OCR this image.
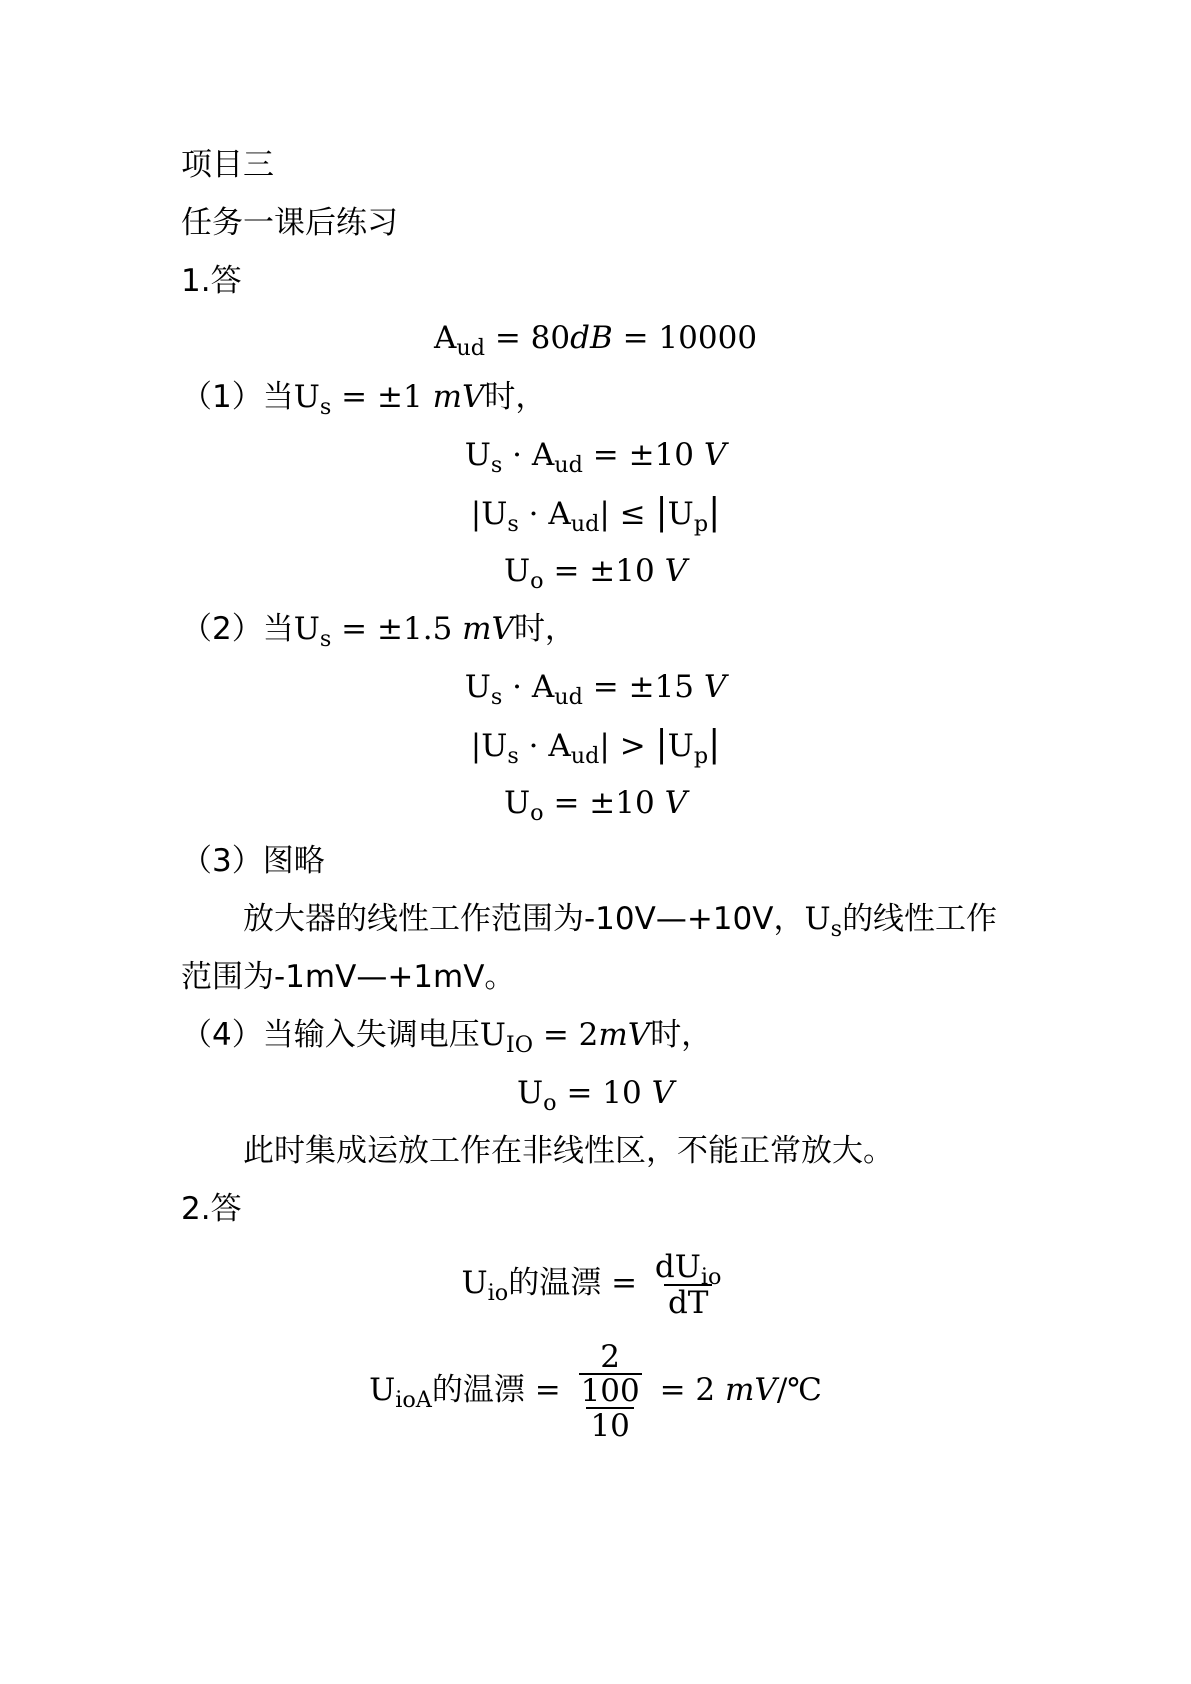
项目三
任务一课后练习
1.答
$A_{ud} = 80dB = 10000$
（1）当$U_s = \pm 1$ mV时，
$U_s \cdot A_{ud} = \pm 10$ V
$|U_s \cdot A_{ud}| \le |U_p|$
$U_o = \pm 10$ V
（2）当$U_s = \pm 1.5$ mV时，
$U_s \cdot A_{ud} = \pm 15$ V
$|U_s \cdot A_{ud}| > |U_p|$
$U_o = \pm 10$ V
（3）图略
放大器的线性工作范围为-10V—+10V，$U_s$的线性工作
范围为-1mV—+1mV。
（4）当输入失调电压$U_{IO} = 2mV$时，
$U_o = 10$ V
此时集成运放工作在非线性区，不能正常放大。
2.答
$U_{io}$的温漂 = $\frac{dU_{io}}{dT}$
$U_{ioA}$的温漂 = 2
100
10 = 2 mV/℃
